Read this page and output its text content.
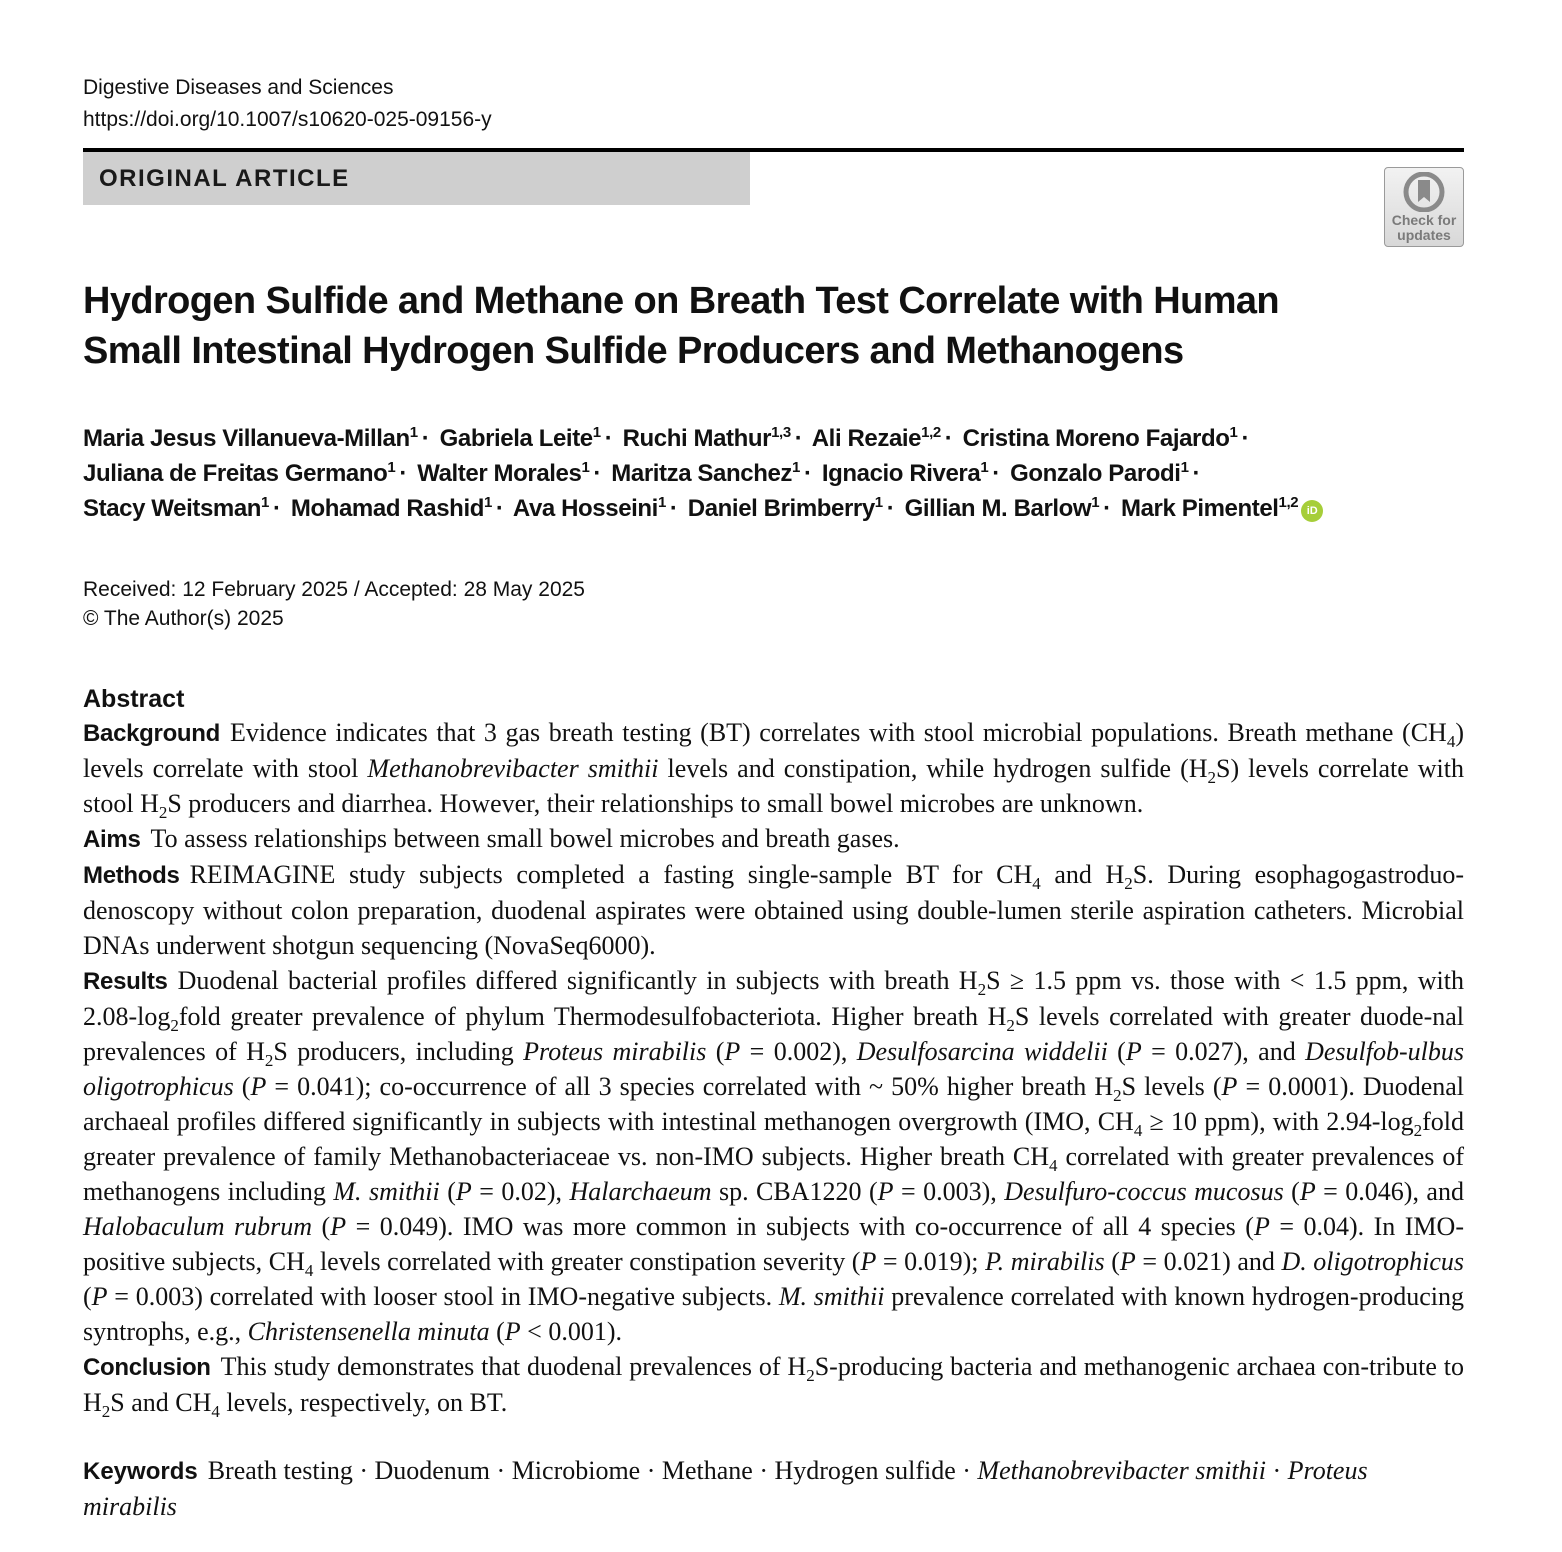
Digestive Diseases and Sciences
https://doi.org/10.1007/s10620-025-09156-y
ORIGINAL ARTICLE
Check for
updates
Hydrogen Sulfide and Methane on Breath Test Correlate with Human
Small Intestinal Hydrogen Sulfide Producers and Methanogens
Maria Jesus Villanueva-Millan$^1$ · Gabriela Leite$^1$ · Ruchi Mathur$^{1,3}$ · Ali Rezaie$^{1,2}$ · Cristina Moreno Fajardo$^1$ ·
Juliana de Freitas Germano$^1$ · Walter Morales$^1$ · Maritza Sanchez$^1$ · Ignacio Rivera$^1$ · Gonzalo Parodi$^1$ ·
Stacy Weitsman$^1$ · Mohamad Rashid$^1$ · Ava Hosseini$^1$ · Daniel Brimberry$^1$ · Gillian M. Barlow$^1$ · Mark Pimentel$^{1,2}$ iD
Received: 12 February 2025 / Accepted: 28 May 2025
© The Author(s) 2025
Abstract

Background Evidence indicates that 3 gas breath testing (BT) correlates with stool microbial populations. Breath methane $(CH_4)$ levels correlate with stool Methanobrevibacter smithii levels and constipation, while hydrogen sulfide $(H_2S)$ levels correlate with stool $H_2S$ producers and diarrhea. However, their relationships to small bowel microbes are unknown.

Aims To assess relationships between small bowel microbes and breath gases.

Methods REIMAGINE study subjects completed a fasting single-sample BT for $CH_4$ and $H_2S$. During esophagogastroduo-denoscopy without colon preparation, duodenal aspirates were obtained using double-lumen sterile aspiration catheters. Microbial DNAs underwent shotgun sequencing (NovaSeq6000).

Results Duodenal bacterial profiles differed significantly in subjects with breath $H_2S \ge 1.5$ ppm vs. those with < 1.5 ppm, with $2.08-\log_2fold$ greater prevalence of phylum Thermodesulfobacteriota. Higher breath $H_2S$ levels correlated with greater duode-nal prevalences of $H_2S$ producers, including Proteus mirabilis (P = 0.002), Desulfosarcina widdelii (P = 0.027), and Desulfob-ulbus oligotrophicus (P = 0.041); co-occurrence of all 3 species correlated with ~ 50% higher breath $H_2S$ levels (P = 0.0001). Duodenal archaeal profiles differed significantly in subjects with intestinal methanogen overgrowth (IMO, $CH_4 \ge 10$ ppm), with $2.94-\log_2fold$ greater prevalence of family Methanobacteriaceae vs. non-IMO subjects. Higher breath $CH_4$ correlated with greater prevalences of methanogens including M. smithii (P = 0.02), Halarchaeum sp. CBA1220 (P = 0.003), Desulfuro-coccus mucosus (P = 0.046), and Halobaculum rubrum (P = 0.049). IMO was more common in subjects with co-occurrence of all 4 species (P = 0.04). In IMO-positive subjects, $CH_4$ levels correlated with greater constipation severity (P = 0.019); P. mirabilis (P = 0.021) and D. oligotrophicus (P = 0.003) correlated with looser stool in IMO-negative subjects. M. smithii prevalence correlated with known hydrogen-producing syntrophs, e.g., Christensenella minuta (P < 0.001).

Conclusion This study demonstrates that duodenal prevalences of $H_2S$-producing bacteria and methanogenic archaea con-tribute to $H_2S$ and $CH_4$ levels, respectively, on BT.

Keywords Breath testing · Duodenum · Microbiome · Methane · Hydrogen sulfide · Methanobrevibacter smithii · Proteus mirabilis
